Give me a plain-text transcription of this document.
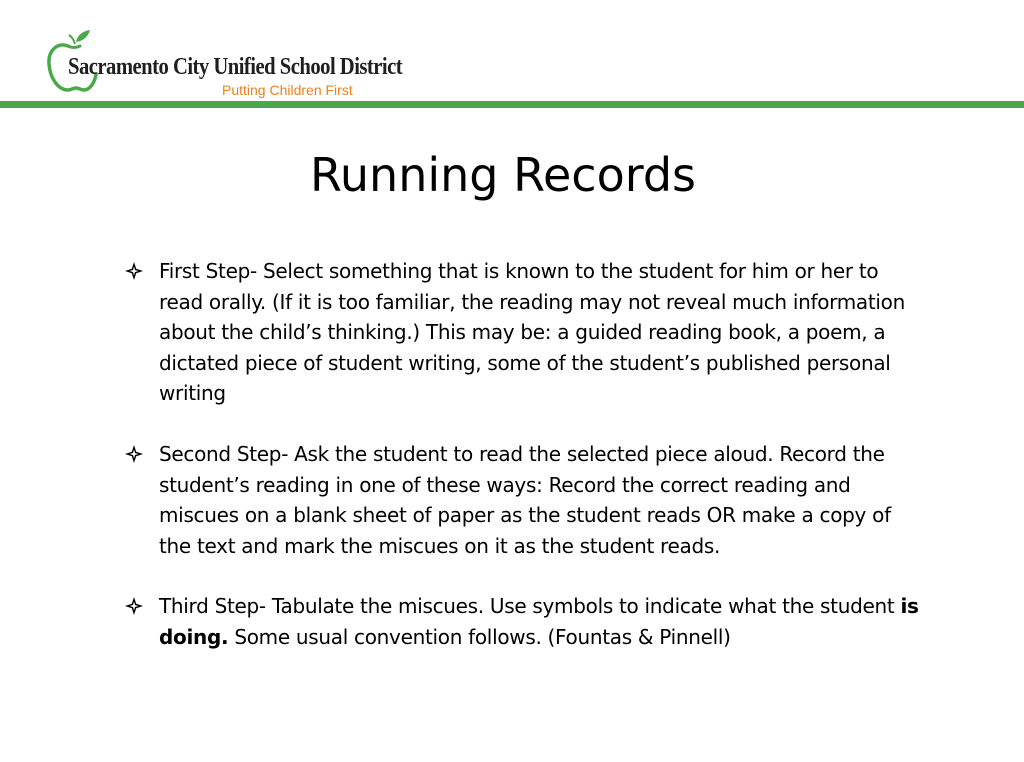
Sacramento City Unified School District
Putting Children First
Running Records
First Step- Select something that is known to the student for him or her to read orally. (If it is too familiar, the reading may not reveal much information about the child’s thinking.) This may be: a guided reading book, a poem, a dictated piece of student writing, some of the student’s published personal writing
Second Step- Ask the student to read the selected piece aloud. Record the student’s reading in one of these ways: Record the correct reading and miscues on a blank sheet of paper as the student reads OR make a copy of the text and mark the miscues on it as the student reads.
Third Step- Tabulate the miscues. Use symbols to indicate what the student is doing. Some usual convention follows. (Fountas & Pinnell)
